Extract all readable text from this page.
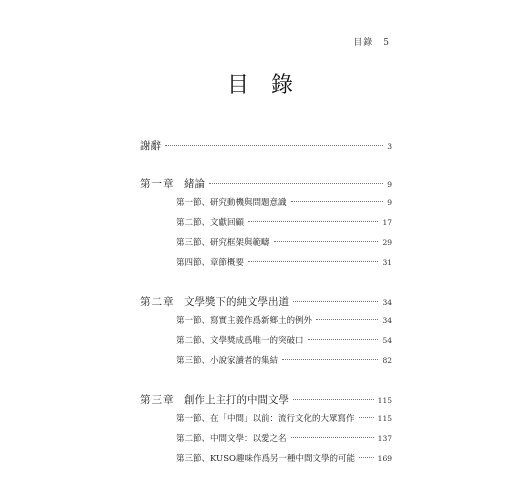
目錄 5
目錄
謝辭	3
第一章 緒論	9
第一節、研究動機與問題意識	9
第二節、文獻回顧	17
第三節、研究框架與範疇	29
第四節、章節概要	31
第二章 文學獎下的純文學出道	34
第一節、寫實主義作爲新鄉土的例外	34
第二節、文學獎成爲唯一的突破口	54
第三節、小說家讀者的集結	82
第三章 創作上主打的中間文學	115
第一節、在「中間」以前：流行文化的大眾寫作	115
第二節、中間文學：以愛之名	137
第三節、KUSO趣味作爲另一種中間文學的可能	169
